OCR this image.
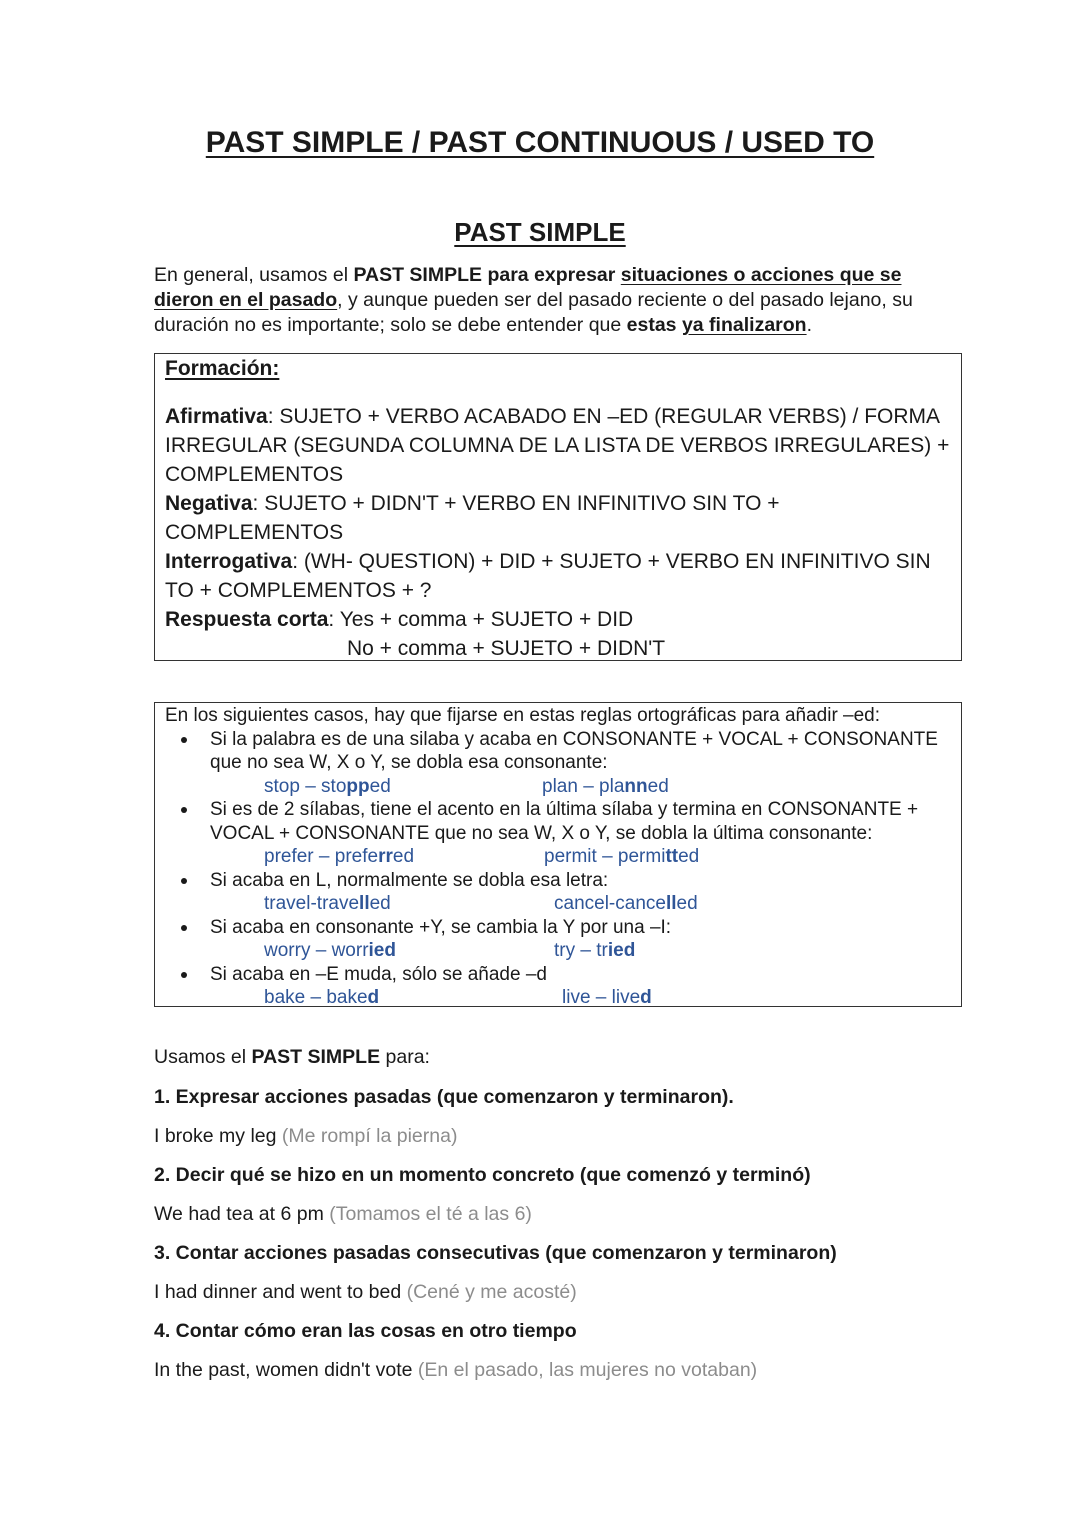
PAST SIMPLE / PAST CONTINUOUS / USED TO
PAST SIMPLE

En general, usamos el PAST SIMPLE para expresar situaciones o acciones que se dieron en el pasado, y aunque pueden ser del pasado reciente o del pasado lejano, su duración no es importante; solo se debe entender que estas ya finalizaron.

Formación:

Afirmativa: SUJETO + VERBO ACABADO EN –ED (REGULAR VERBS) / FORMA IRREGULAR (SEGUNDA COLUMNA DE LA LISTA DE VERBOS IRREGULARES) + COMPLEMENTOS

Negativa: SUJETO + DIDN'T + VERBO EN INFINITIVO SIN TO + COMPLEMENTOS

Interrogativa: (WH- QUESTION) + DID + SUJETO + VERBO EN INFINITIVO SIN TO + COMPLEMENTOS + ?

Respuesta corta: Yes + comma + SUJETO + DID

No + comma + SUJETO + DIDN'T

En los siguientes casos, hay que fijarse en estas reglas ortográficas para añadir –ed:

Si la palabra es de una silaba y acaba en CONSONANTE + VOCAL + CONSONANTE que no sea W, X o Y, se dobla esa consonante:
stop – stopped	plan – planned
Si es de 2 sílabas, tiene el acento en la última sílaba y termina en CONSONANTE + VOCAL + CONSONANTE que no sea W, X o Y, se dobla la última consonante:
prefer – preferred	permit – permitted
Si acaba en L, normalmente se dobla esa letra:
travel-travelled	cancel-cancelled
Si acaba en consonante +Y, se cambia la Y por una –I:
worry – worried	try – tried
Si acaba en –E muda, sólo se añade –d
bake – baked	live – lived

Usamos el PAST SIMPLE para:

1. Expresar acciones pasadas (que comenzaron y terminaron).

I broke my leg (Me rompí la pierna)

2. Decir qué se hizo en un momento concreto (que comenzó y terminó)

We had tea at 6 pm (Tomamos el té a las 6)

3. Contar acciones pasadas consecutivas (que comenzaron y terminaron)

I had dinner and went to bed (Cené y me acosté)

4. Contar cómo eran las cosas en otro tiempo

In the past, women didn't vote (En el pasado, las mujeres no votaban)
